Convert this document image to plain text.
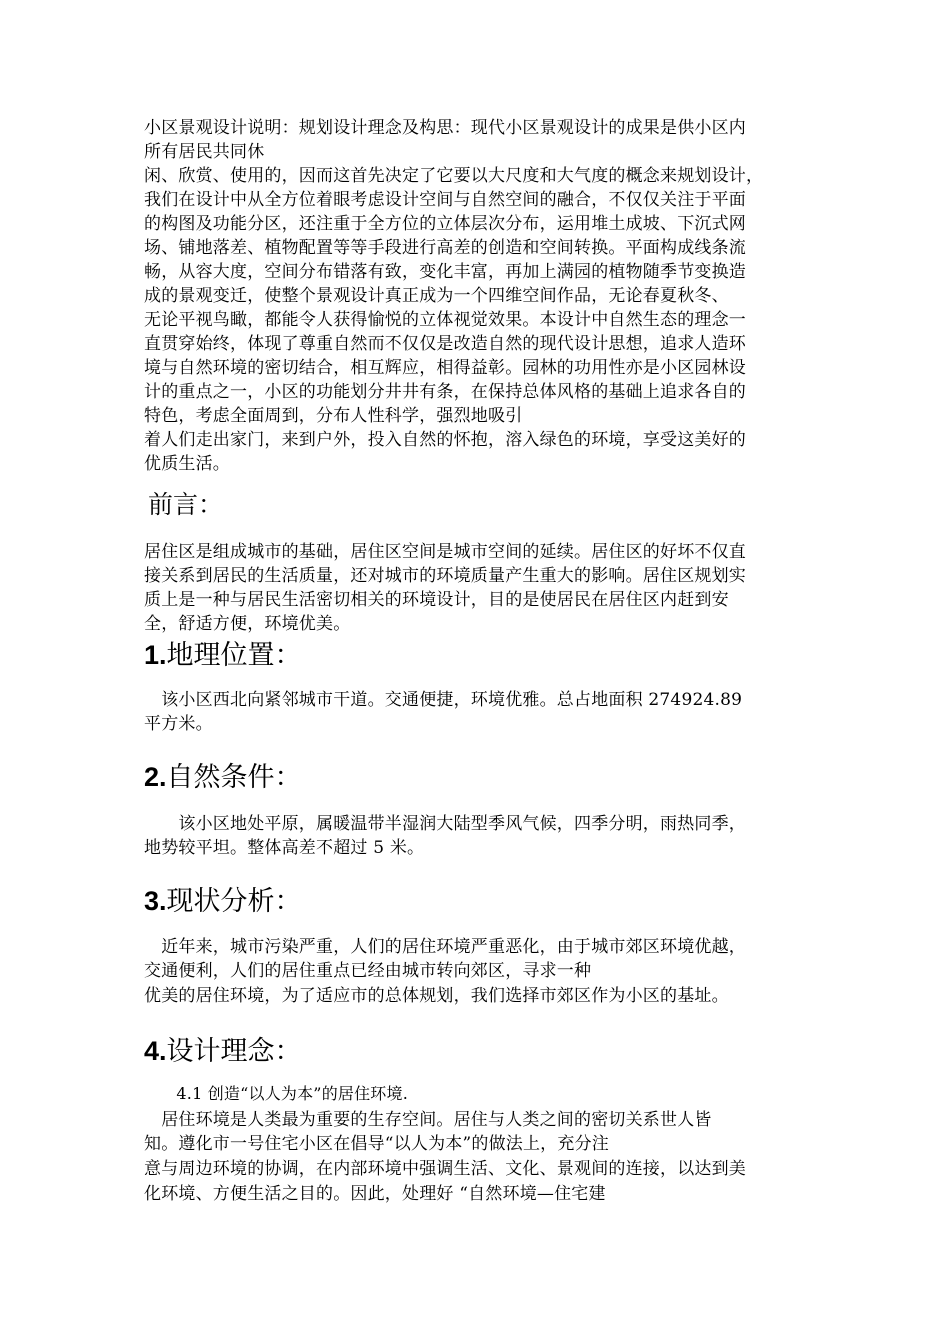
小区景观设计说明：规划设计理念及构思：现代小区景观设计的成果是供小区内
所有居民共同休
闲、欣赏、使用的，因而这首先决定了它要以大尺度和大气度的概念来规划设计，
我们在设计中从全方位着眼考虑设计空间与自然空间的融合，不仅仅关注于平面
的构图及功能分区，还注重于全方位的立体层次分布，运用堆土成坡、下沉式网
场、铺地落差、植物配置等等手段进行高差的创造和空间转换。平面构成线条流
畅，从容大度，空间分布错落有致，变化丰富，再加上满园的植物随季节变换造
成的景观变迁，使整个景观设计真正成为一个四维空间作品，无论春夏秋冬、
无论平视鸟瞰，都能令人获得愉悦的立体视觉效果。本设计中自然生态的理念一
直贯穿始终，体现了尊重自然而不仅仅是改造自然的现代设计思想，追求人造环
境与自然环境的密切结合，相互辉应，相得益彰。园林的功用性亦是小区园林设
计的重点之一，小区的功能划分井井有条，在保持总体风格的基础上追求各自的
特色，考虑全面周到，分布人性科学，强烈地吸引
着人们走出家门，来到户外，投入自然的怀抱，溶入绿色的环境，享受这美好的
优质生活。
前言：
居住区是组成城市的基础，居住区空间是城市空间的延续。居住区的好坏不仅直
接关系到居民的生活质量，还对城市的环境质量产生重大的影响。居住区规划实
质上是一种与居民生活密切相关的环境设计，目的是使居民在居住区内赶到安
全，舒适方便，环境优美。
1.地理位置：
　该小区西北向紧邻城市干道。交通便捷，环境优雅。总占地面积 274924.89
平方米。
2.自然条件：
　　该小区地处平原，属暖温带半湿润大陆型季风气候，四季分明，雨热同季，
地势较平坦。整体高差不超过 5 米。
3.现状分析：
　近年来，城市污染严重，人们的居住环境严重恶化，由于城市郊区环境优越，
交通便利，人们的居住重点已经由城市转向郊区，寻求一种
优美的居住环境，为了适应市的总体规划，我们选择市郊区作为小区的基址。
4.设计理念：
　　4.1 创造“以人为本”的居住环境.
　居住环境是人类最为重要的生存空间。居住与人类之间的密切关系世人皆
知。遵化市一号住宅小区在倡导“以人为本”的做法上，充分注
意与周边环境的协调，在内部环境中强调生活、文化、景观间的连接，以达到美
化环境、方便生活之目的。因此，处理好 “自然环境—住宅建
